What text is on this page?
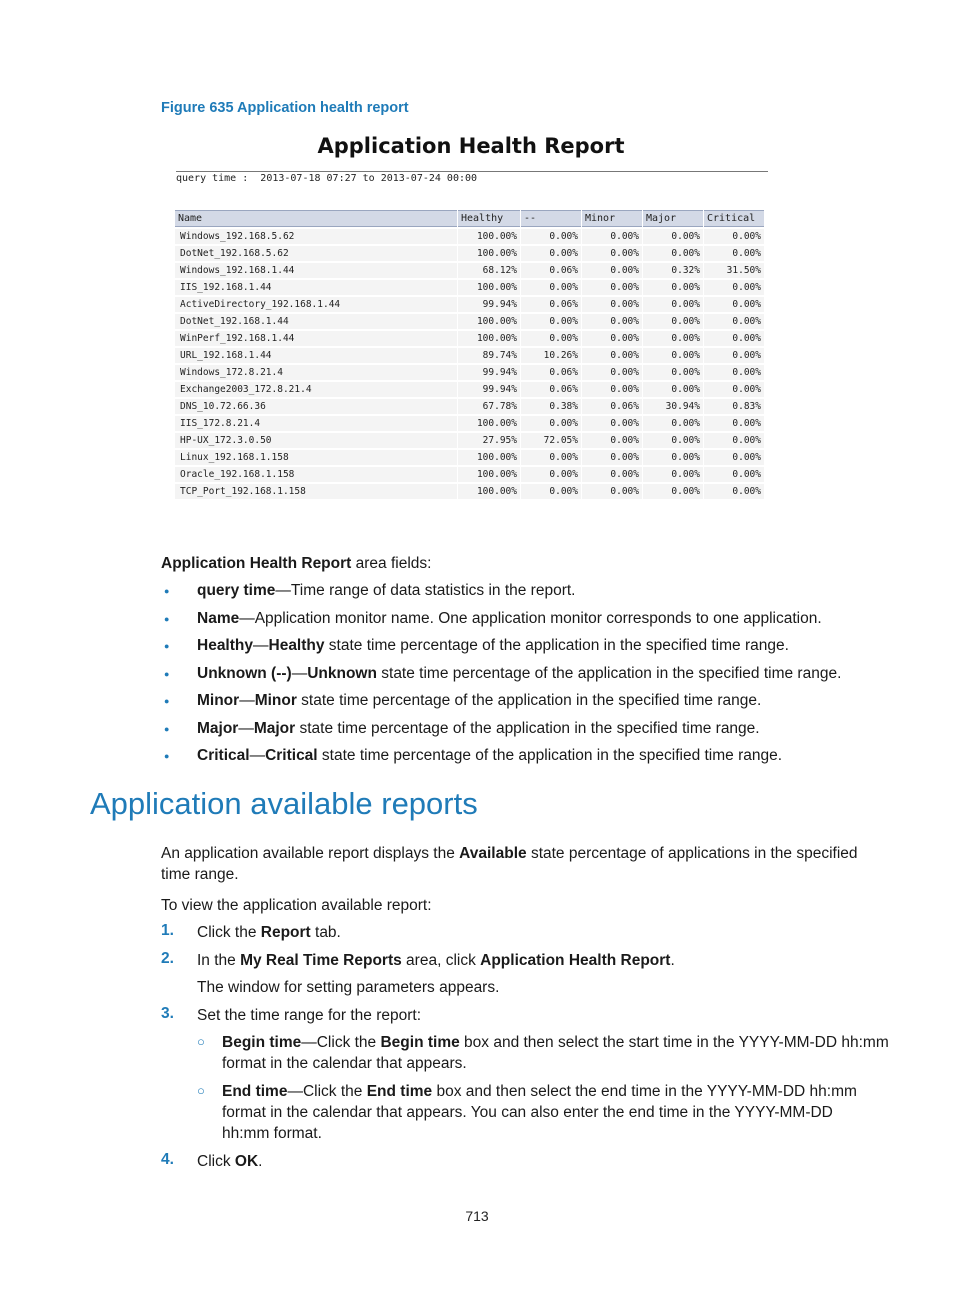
Figure 635 Application health report
Application Health Report
query time : 2013-07-18 07:27 to 2013-07-24 00:00
Name	Healthy	--	Minor	Major	Critical
Windows_192.168.5.62	100.00%	0.00%	0.00%	0.00%	0.00%
DotNet_192.168.5.62	100.00%	0.00%	0.00%	0.00%	0.00%
Windows_192.168.1.44	68.12%	0.06%	0.00%	0.32%	31.50%
IIS_192.168.1.44	100.00%	0.00%	0.00%	0.00%	0.00%
ActiveDirectory_192.168.1.44	99.94%	0.06%	0.00%	0.00%	0.00%
DotNet_192.168.1.44	100.00%	0.00%	0.00%	0.00%	0.00%
WinPerf_192.168.1.44	100.00%	0.00%	0.00%	0.00%	0.00%
URL_192.168.1.44	89.74%	10.26%	0.00%	0.00%	0.00%
Windows_172.8.21.4	99.94%	0.06%	0.00%	0.00%	0.00%
Exchange2003_172.8.21.4	99.94%	0.06%	0.00%	0.00%	0.00%
DNS_10.72.66.36	67.78%	0.38%	0.06%	30.94%	0.83%
IIS_172.8.21.4	100.00%	0.00%	0.00%	0.00%	0.00%
HP-UX_172.3.0.50	27.95%	72.05%	0.00%	0.00%	0.00%
Linux_192.168.1.158	100.00%	0.00%	0.00%	0.00%	0.00%
Oracle_192.168.1.158	100.00%	0.00%	0.00%	0.00%	0.00%
TCP_Port_192.168.1.158	100.00%	0.00%	0.00%	0.00%	0.00%
Application Health Report area fields:
● query time—Time range of data statistics in the report.
● Name—Application monitor name. One application monitor corresponds to one application.
● Healthy—Healthy state time percentage of the application in the specified time range.
● Unknown (--)—Unknown state time percentage of the application in the specified time range.
● Minor—Minor state time percentage of the application in the specified time range.
● Major—Major state time percentage of the application in the specified time range.
● Critical—Critical state time percentage of the application in the specified time range.
Application available reports
An application available report displays the Available state percentage of applications in the specified
time range.
To view the application available report:
1. Click the Report tab.
2. In the My Real Time Reports area, click Application Health Report.
The window for setting parameters appears.
3. Set the time range for the report:
○ Begin time—Click the Begin time box and then select the start time in the YYYY-MM-DD hh:mm
format in the calendar that appears.
○ End time—Click the End time box and then select the end time in the YYYY-MM-DD hh:mm
format in the calendar that appears. You can also enter the end time in the YYYY-MM-DD
hh:mm format.
4. Click OK.
713
